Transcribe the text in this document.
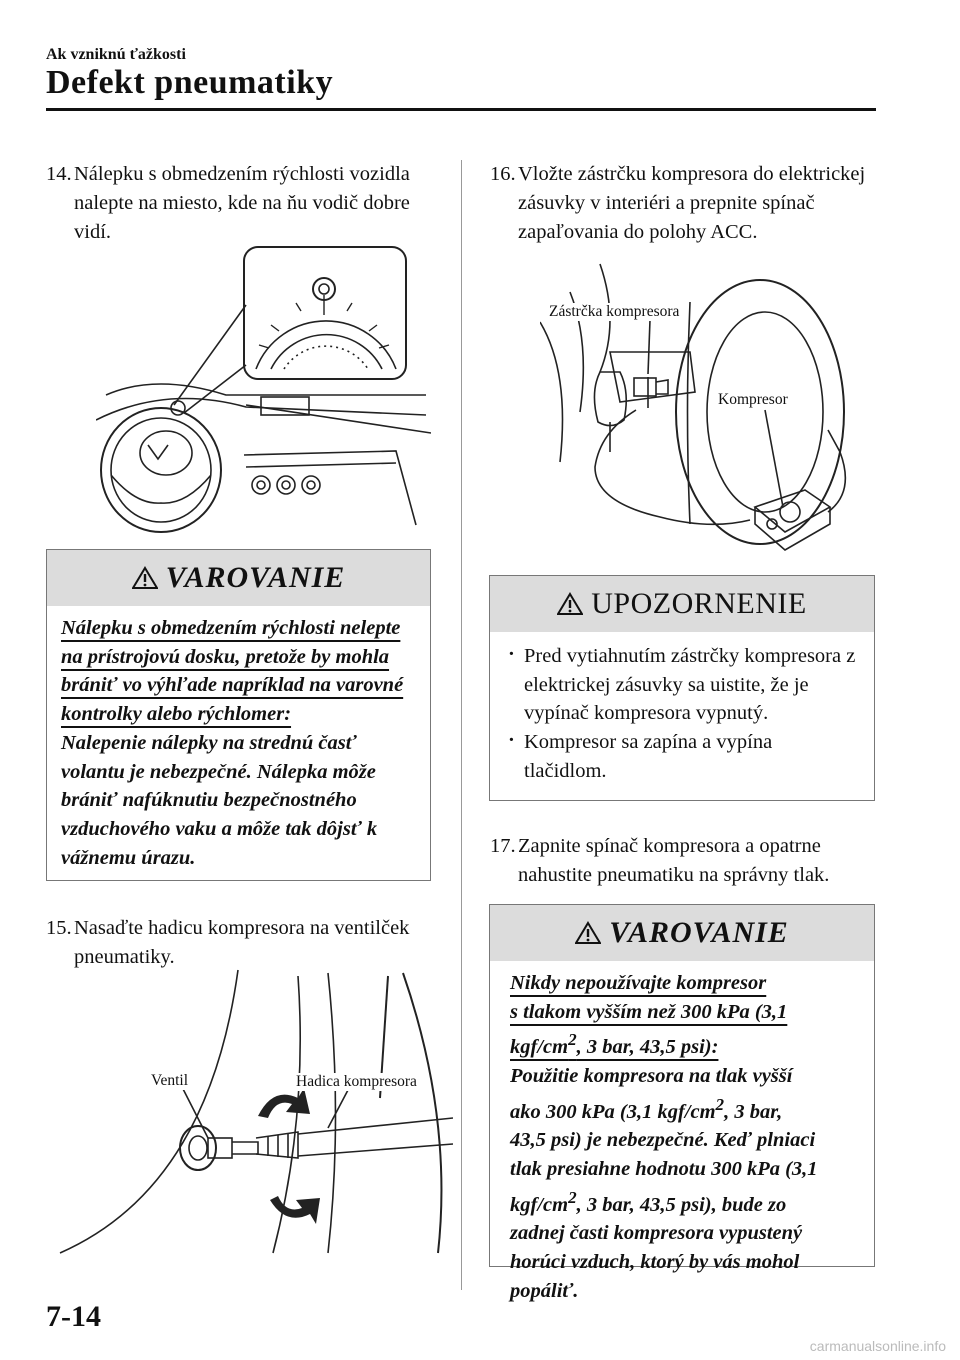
Ak vzniknú ťažkosti
Defekt pneumatiky
14. Nálepku s obmedzením rýchlosti vozidla nalepte na miesto, kde na ňu vodič dobre vidí.
VAROVANIE
Nálepku s obmedzením rýchlosti nelepte na prístrojovú dosku, pretože by mohla brániť vo výhľade napríklad na varovné kontrolky alebo rýchlomer:
Nalepenie nálepky na strednú časť volantu je nebezpečné. Nálepka môže brániť nafúknutiu bezpečnostného vzduchového vaku a môže tak dôjsť k vážnemu úrazu.
15. Nasaďte hadicu kompresora na ventilček pneumatiky.
Ventil	Hadica kompresora
16. Vložte zástrčku kompresora do elektrickej zásuvky v interiéri a prepnite spínač zapaľovania do polohy ACC.
Zástrčka kompresora
Kompresor
UPOZORNENIE
· Pred vytiahnutím zástrčky kompresora z elektrickej zásuvky sa uistite, že je vypínač kompresora vypnutý.
· Kompresor sa zapína a vypína tlačidlom.
17. Zapnite spínač kompresora a opatrne nahustite pneumatiku na správny tlak.
VAROVANIE
Nikdy nepoužívajte kompresor
s tlakom vyšším než 300 kPa (3,1
kgf/$cm^2$, 3 bar, 43,5 psi):
Použitie kompresora na tlak vyšší
ako 300 kPa (3,1 kgf/$cm^2$, 3 bar,
43,5 psi) je nebezpečné. Keď plniaci
tlak presiahne hodnotu 300 kPa (3,1
kgf/$cm^2$, 3 bar, 43,5 psi), bude zo
zadnej časti kompresora vypustený
horúci vzduch, ktorý by vás mohol
popáliť.
7-14
carmanualsonline.info
